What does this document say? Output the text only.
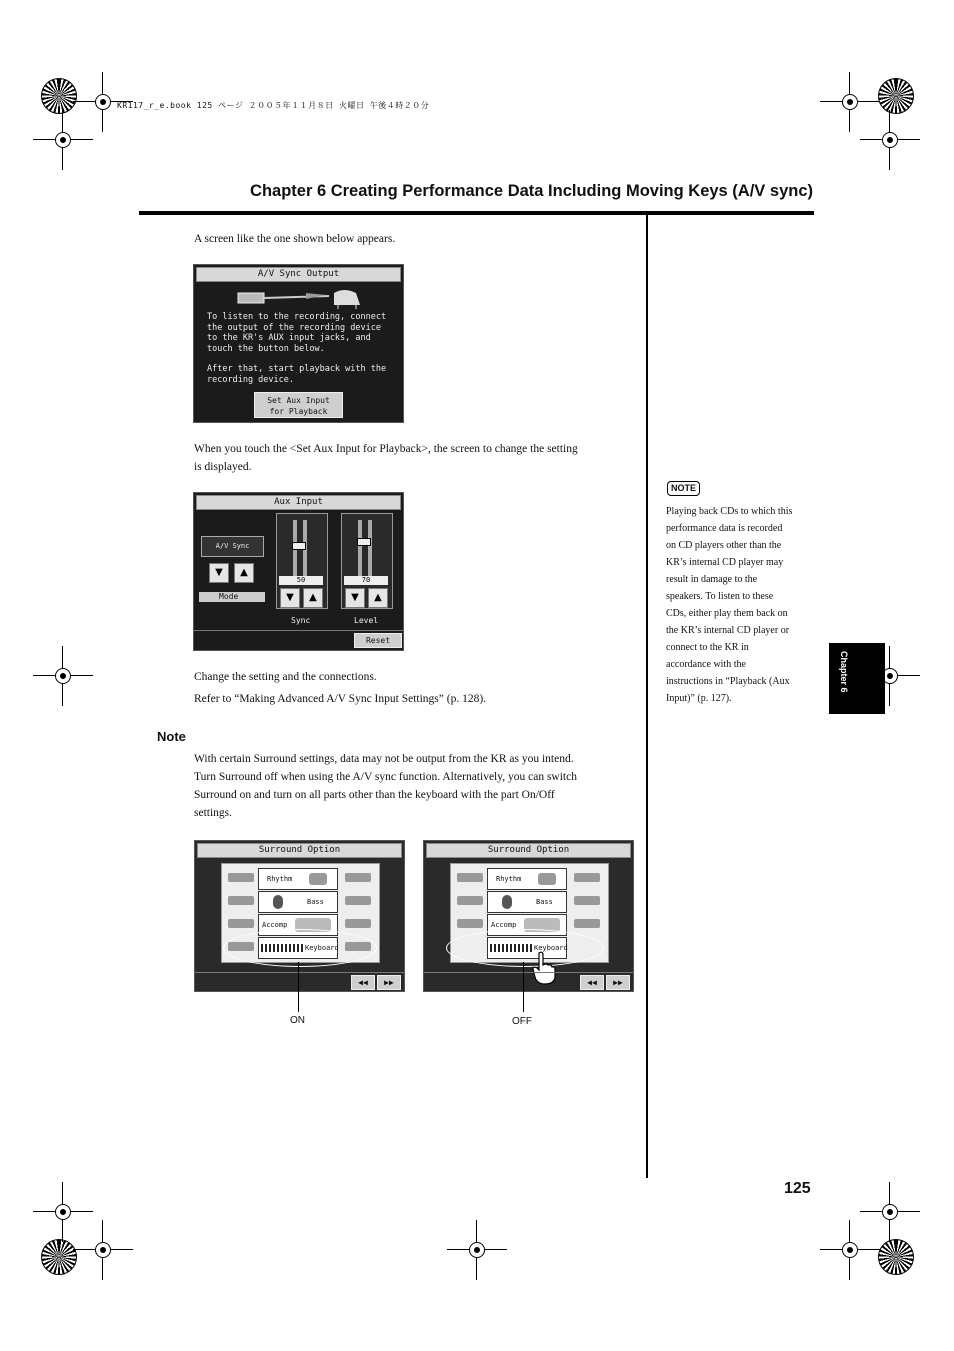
KR117_r_e.book 125 ページ ２００５年１１月８日 火曜日 午後４時２０分
Chapter 6 Creating Performance Data Including Moving Keys (A/V sync)
A screen like the one shown below appears.
A/V Sync Output
To listen to the recording, connect
the output of the recording device
to the KR's AUX input jacks, and
touch the button below.
After that, start playback with the
recording device.
Set Aux Input
for Playback
When you touch the <Set Aux Input for Playback>, the screen to change the setting
is displayed.
Aux Input
A/V Sync
▼	▲
Mode
50
▼	▲
Sync
70
▼	▲
Level
Reset
Change the setting and the connections.
Refer to “Making Advanced A/V Sync Input Settings” (p. 128).
Note
With certain Surround settings, data may not be output from the KR as you intend.
Turn Surround off when using the A/V sync function. Alternatively, you can switch
Surround on and turn on all parts other than the keyboard with the part On/Off
settings.
Surround Option
Rhythm
Bass
Accomp
Keyboard
◀◀	▶▶
ON
Surround Option
Rhythm
Bass
Accomp
Keyboard
◀◀	▶▶
OFF
NOTE
Playing back CDs to which this
performance data is recorded
on CD players other than the
KR’s internal CD player may
result in damage to the
speakers. To listen to these
CDs, either play them back on
the KR’s internal CD player or
connect to the KR in
accordance with the
instructions in “Playback (Aux
Input)” (p. 127).
Chapter 6
125
